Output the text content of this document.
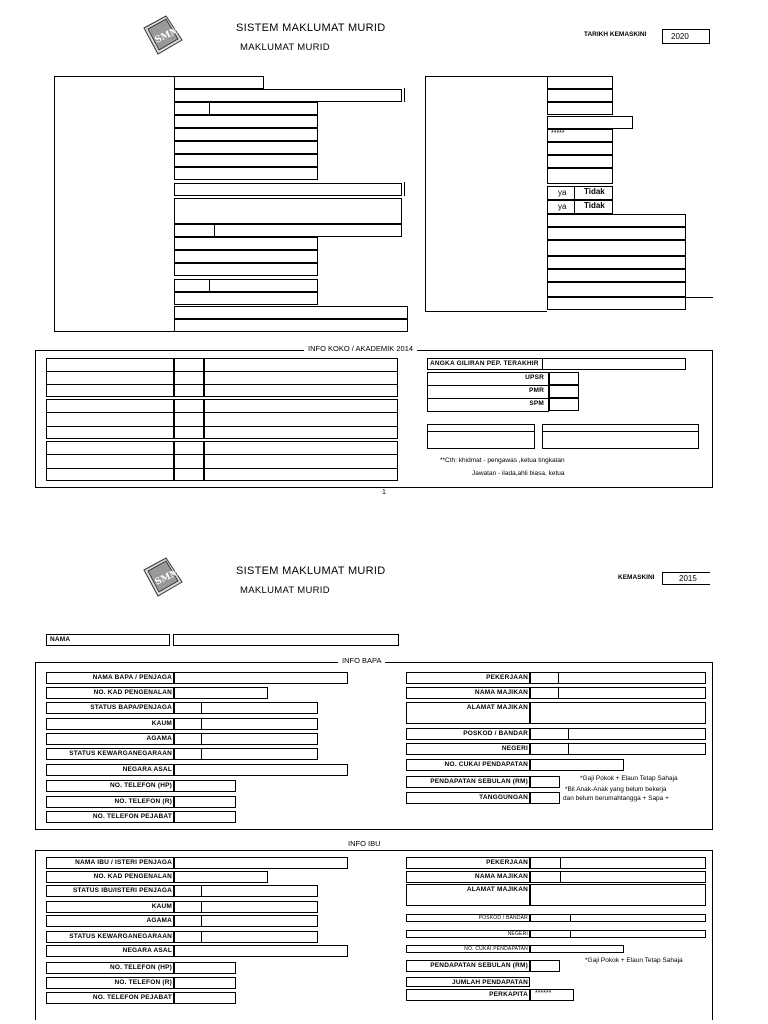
SMM	SISTEM MAKLUMAT MURID
MAKLUMAT MURID
TARIKH KEMASKINI	2020
*****
ya Tidak
ya Tidak
INFO KOKO / AKADEMIK 2014
ANGKA GILIRAN PEP. TERAKHIR
UPSR
PMR
SPM
**Cth: khidmat - pengawas ,ketua tingkatan
Jawatan - ilada,ahli biasa, ketua
1
SMM	SISTEM MAKLUMAT MURID
MAKLUMAT MURID
KEMASKINI	2015
NAMA
INFO BAPA
NAMA BAPA / PENJAGA
NO. KAD PENGENALAN
STATUS BAPA/PENJAGA
KAUM
AGAMA
STATUS KEWARGANEGARAAN
NEGARA ASAL
NO. TELEFON (HP)
NO. TELEFON (R)
NO. TELEFON PEJABAT
PEKERJAAN
NAMA MAJIKAN
ALAMAT MAJIKAN
POSKOD / BANDAR
NEGERI
NO. CUKAI PENDAPATAN
PENDAPATAN SEBULAN (RM)
TANGGUNGAN
*Gaji Pokok + Elaun Tetap Sahaja
*Bil Anak-Anak yang belum bekerja
dan belum berumahtangga + Sapa +
INFO IBU
NAMA IBU / ISTERI PENJAGA
NO. KAD PENGENALAN
STATUS IBU/ISTERI PENJAGA
KAUM
AGAMA
STATUS KEWARGANEGARAAN
NEGARA ASAL
NO. TELEFON (HP)
NO. TELEFON (R)
NO. TELEFON PEJABAT
PEKERJAAN
NAMA MAJIKAN
ALAMAT MAJIKAN
POSKOD / BANDAR
NEGERI
NO. CUKAI PENDAPATAN
PENDAPATAN SEBULAN (RM)
JUMLAH PENDAPATAN
PERKAPITA ******
*Gaji Pokok + Elaun Tetap Sahaja
